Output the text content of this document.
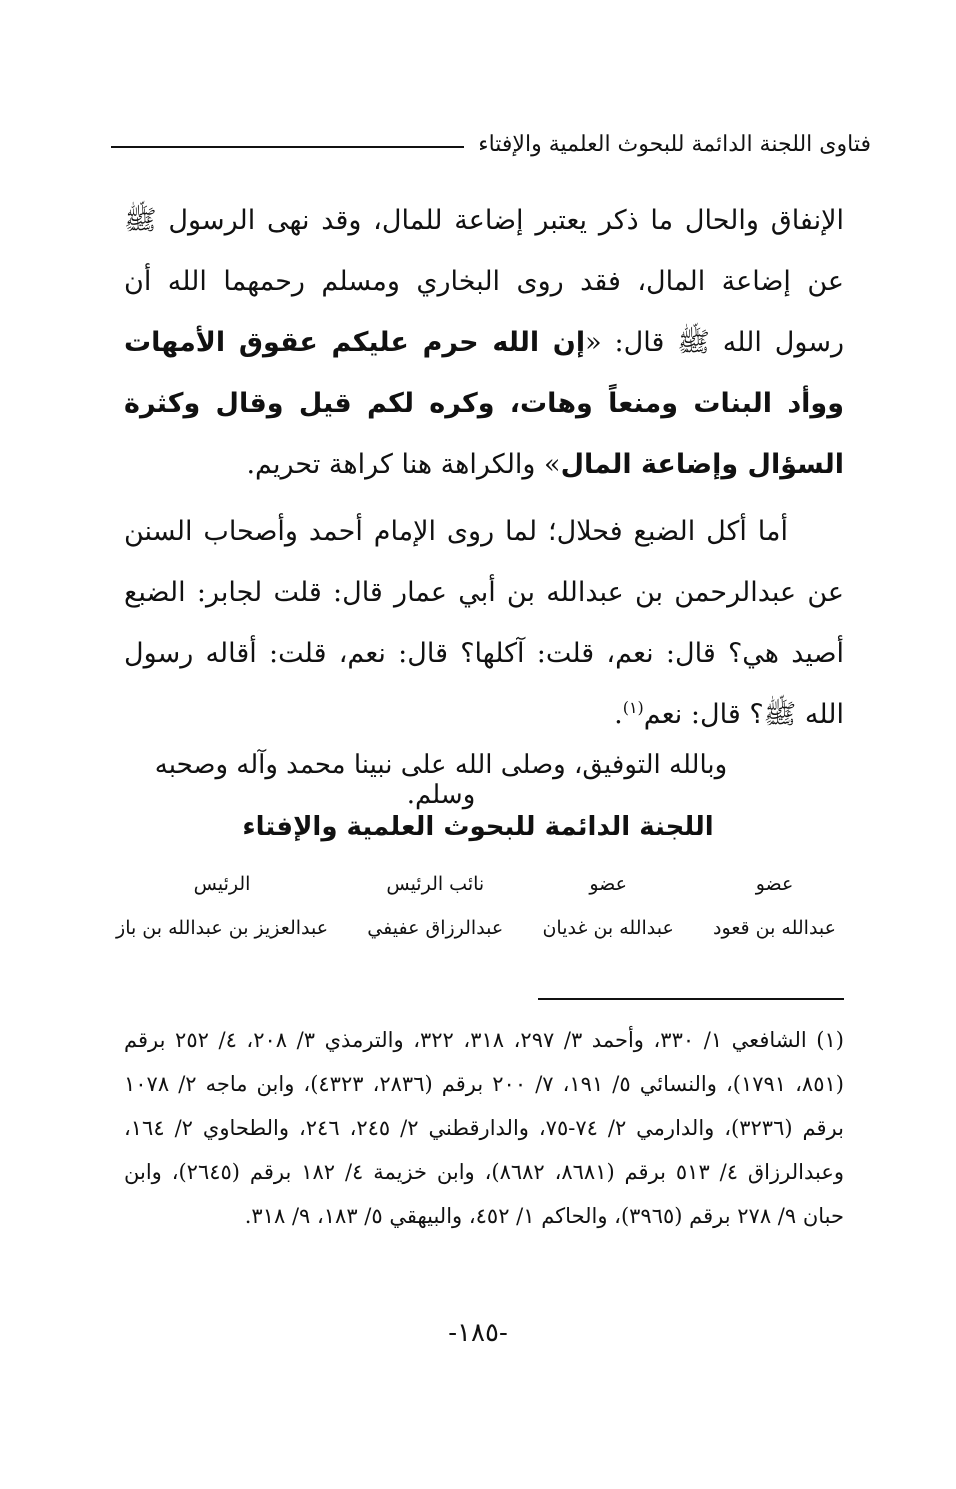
فتاوى اللجنة الدائمة للبحوث العلمية والإفتاء

الإنفاق والحال ما ذكر يعتبر إضاعة للمال، وقد نهى الرسول ﷺ عن إضاعة المال، فقد روى البخاري ومسلم رحمهما الله أن رسول الله ﷺ قال: «إن الله حرم عليكم عقوق الأمهات ووأد البنات ومنعاً وهات، وكره لكم قيل وقال وكثرة السؤال وإضاعة المال» والكراهة هنا كراهة تحريم.

أما أكل الضبع فحلال؛ لما روى الإمام أحمد وأصحاب السنن عن عبدالرحمن بن عبدالله بن أبي عمار قال: قلت لجابر: الضبع أصيد هي؟ قال: نعم، قلت: آكلها؟ قال: نعم، قلت: أقاله رسول الله ﷺ؟ قال: نعم$^{(١)}$.

وبالله التوفيق، وصلى الله على نبينا محمد وآله وصحبه وسلم.
اللجنة الدائمة للبحوث العلمية والإفتاء
عضو
عبدالله بن قعود
عضو
عبدالله بن غديان
نائب الرئيس
عبدالرزاق عفيفي
الرئيس
عبدالعزيز بن عبدالله بن باز
(١) الشافعي ١/ ٣٣٠، وأحمد ٣/ ٢٩٧، ٣١٨، ٣٢٢، والترمذي ٣/ ٢٠٨، ٤/ ٢٥٢ برقم (٨٥١، ١٧٩١)، والنسائي ٥/ ١٩١، ٧/ ٢٠٠ برقم (٢٨٣٦، ٤٣٢٣)، وابن ماجه ٢/ ١٠٧٨ برقم (٣٢٣٦)، والدارمي ٢/ ٧٤-٧٥، والدارقطني ٢/ ٢٤٥، ٢٤٦، والطحاوي ٢/ ١٦٤، وعبدالرزاق ٤/ ٥١٣ برقم (٨٦٨١، ٨٦٨٢)، وابن خزيمة ٤/ ١٨٢ برقم (٢٦٤٥)، وابن حبان ٩/ ٢٧٨ برقم (٣٩٦٥)، والحاكم ١/ ٤٥٢، والبيهقي ٥/ ١٨٣، ٩/ ٣١٨.
-١٨٥-
